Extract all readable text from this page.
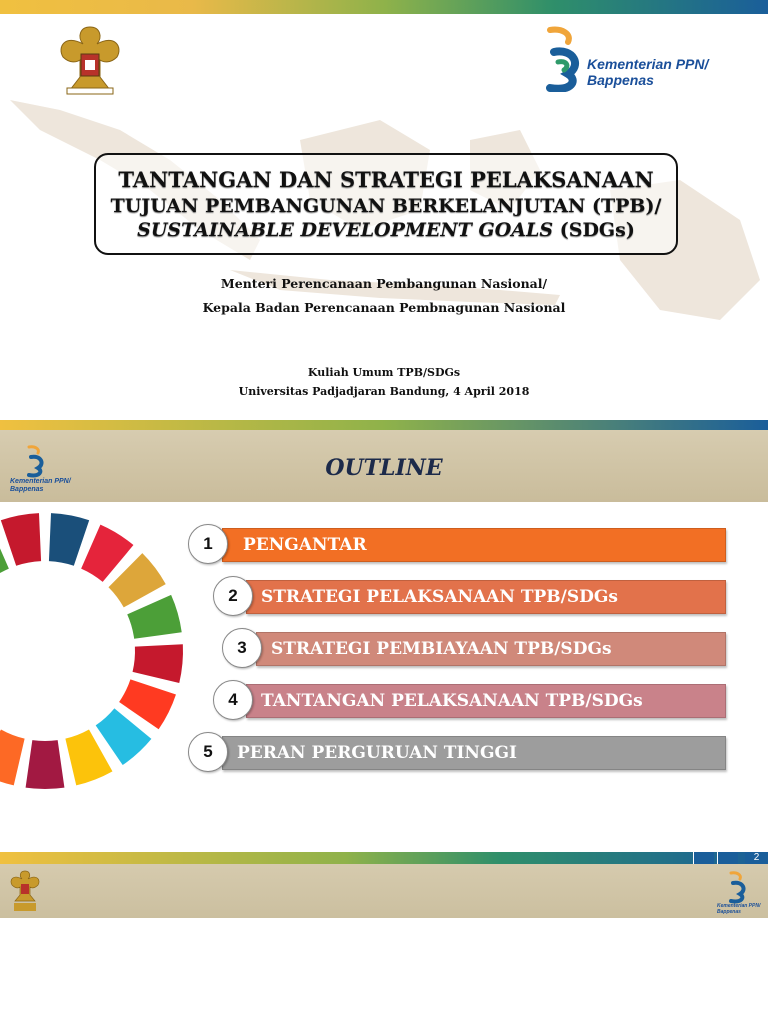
Kementerian PPN/
Bappenas
TANTANGAN DAN STRATEGI PELAKSANAAN
TUJUAN PEMBANGUNAN BERKELANJUTAN (TPB)/
SUSTAINABLE DEVELOPMENT GOALS (SDGs)
Menteri Perencanaan Pembangunan Nasional/
Kepala Badan Perencanaan Pembnagunan Nasional
Kuliah Umum TPB/SDGs
Universitas Padjadjaran Bandung, 4 April 2018
Kementerian PPN/
Bappenas
OUTLINE
PENGANTAR
1
STRATEGI PELAKSANAAN TPB/SDGs
2
STRATEGI PEMBIAYAAN TPB/SDGs
3
TANTANGAN PELAKSANAAN TPB/SDGs
4
PERAN PERGURUAN TINGGI
5
2
Kementerian PPN/
Bappenas
